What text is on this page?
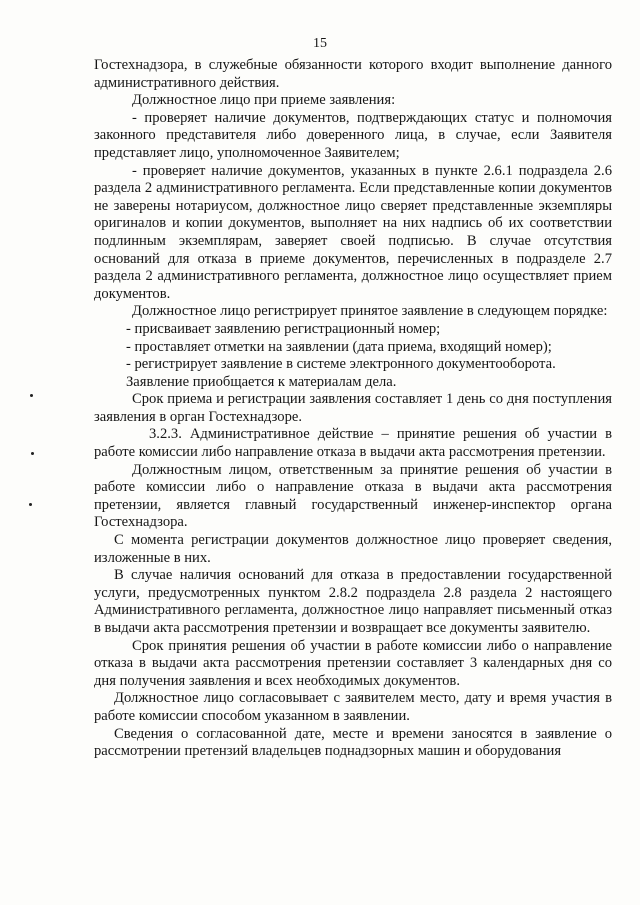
15

Гостехнадзора, в служебные обязанности которого входит выполнение данного административного действия.

Должностное лицо при приеме заявления:

- проверяет наличие документов, подтверждающих статус и полномочия законного представителя либо доверенного лица, в случае, если Заявителя представляет лицо, уполномоченное Заявителем;

- проверяет наличие документов, указанных в пункте 2.6.1 подраздела 2.6 раздела 2 административного регламента. Если представленные копии документов не заверены нотариусом, должностное лицо сверяет представленные экземпляры оригиналов и копии документов, выполняет на них надпись об их соответствии подлинным экземплярам, заверяет своей подписью. В случае отсутствия оснований для отказа в приеме документов, перечисленных в подразделе 2.7 раздела 2 административного регламента, должностное лицо осуществляет прием документов.

Должностное лицо регистрирует принятое заявление в следующем порядке:

- присваивает заявлению регистрационный номер;

- проставляет отметки на заявлении (дата приема, входящий номер);

- регистрирует заявление в системе электронного документооборота.

Заявление приобщается к материалам дела.

Срок приема и регистрации заявления составляет 1 день со дня поступления заявления в орган Гостехнадзоре.

3.2.3. Административное действие – принятие решения об участии в работе комиссии либо направление отказа в выдачи акта рассмотрения претензии.

Должностным лицом, ответственным за принятие решения об участии в работе комиссии либо о направление отказа в выдачи акта рассмотрения претензии, является главный государственный инженер-инспектор органа Гостехнадзора.

С момента регистрации документов должностное лицо проверяет сведения, изложенные в них.

В случае наличия оснований для отказа в предоставлении государственной услуги, предусмотренных пунктом 2.8.2 подраздела 2.8 раздела 2 настоящего Административного регламента, должностное лицо направляет письменный отказ в выдачи акта рассмотрения претензии и возвращает все документы заявителю.

Срок принятия решения об участии в работе комиссии либо о направление отказа в выдачи акта рассмотрения претензии составляет 3 календарных дня со дня получения заявления и всех необходимых документов.

Должностное лицо согласовывает с заявителем место, дату и время участия в работе комиссии способом указанном в заявлении.

Сведения о согласованной дате, месте и времени заносятся в заявление о рассмотрении претензий владельцев поднадзорных машин и оборудования
